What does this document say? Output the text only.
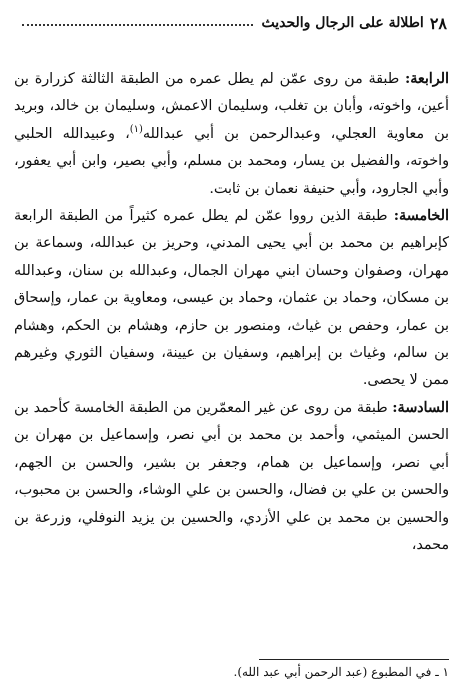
٢٨
اطلالة على الرجال والحديث

الرابعة: طبقة من روى عمّن لم يطل عمره من الطبقة الثالثة كزرارة بن أعين، واخوته، وأبان بن تغلب، وسليمان الاعمش، وسليمان بن خالد، وبريد بن معاوية العجلي، وعبدالرحمن بن أبي عبدالله$^{(١)}$، وعبيدالله الحلبي واخوته، والفضيل بن يسار، ومحمد بن مسلم، وأبي بصير، وابن أبي يعفور، وأبي الجارود، وأبي حنيفة نعمان بن ثابت.

الخامسة: طبقة الذين رووا عمّن لم يطل عمره كثيراً من الطبقة الرابعة كإبراهيم بن محمد بن أبي يحيى المدني، وحريز بن عبدالله، وسماعة بن مهران، وصفوان وحسان ابني مهران الجمال، وعبدالله بن سنان، وعبدالله بن مسكان، وحماد بن عثمان، وحماد بن عيسى، ومعاوية بن عمار، وإسحاق بن عمار، وحفص بن غياث، ومنصور بن حازم، وهشام بن الحكم، وهشام بن سالم، وغياث بن إبراهيم، وسفيان بن عيينة، وسفيان الثوري وغيرهم ممن لا يحصى.

السادسة: طبقة من روى عن غير المعمّرين من الطبقة الخامسة كأحمد بن الحسن الميثمي، وأحمد بن محمد بن أبي نصر، وإسماعيل بن مهران بن أبي نصر، وإسماعيل بن همام، وجعفر بن بشير، والحسن بن الجهم، والحسن بن علي بن فضال، والحسن بن علي الوشاء، والحسن بن محبوب، والحسين بن محمد بن علي الأزدي، والحسين بن يزيد النوفلي، وزرعة بن محمد،

١ ـ في المطبوع (عبد الرحمن أبي عبد الله).
